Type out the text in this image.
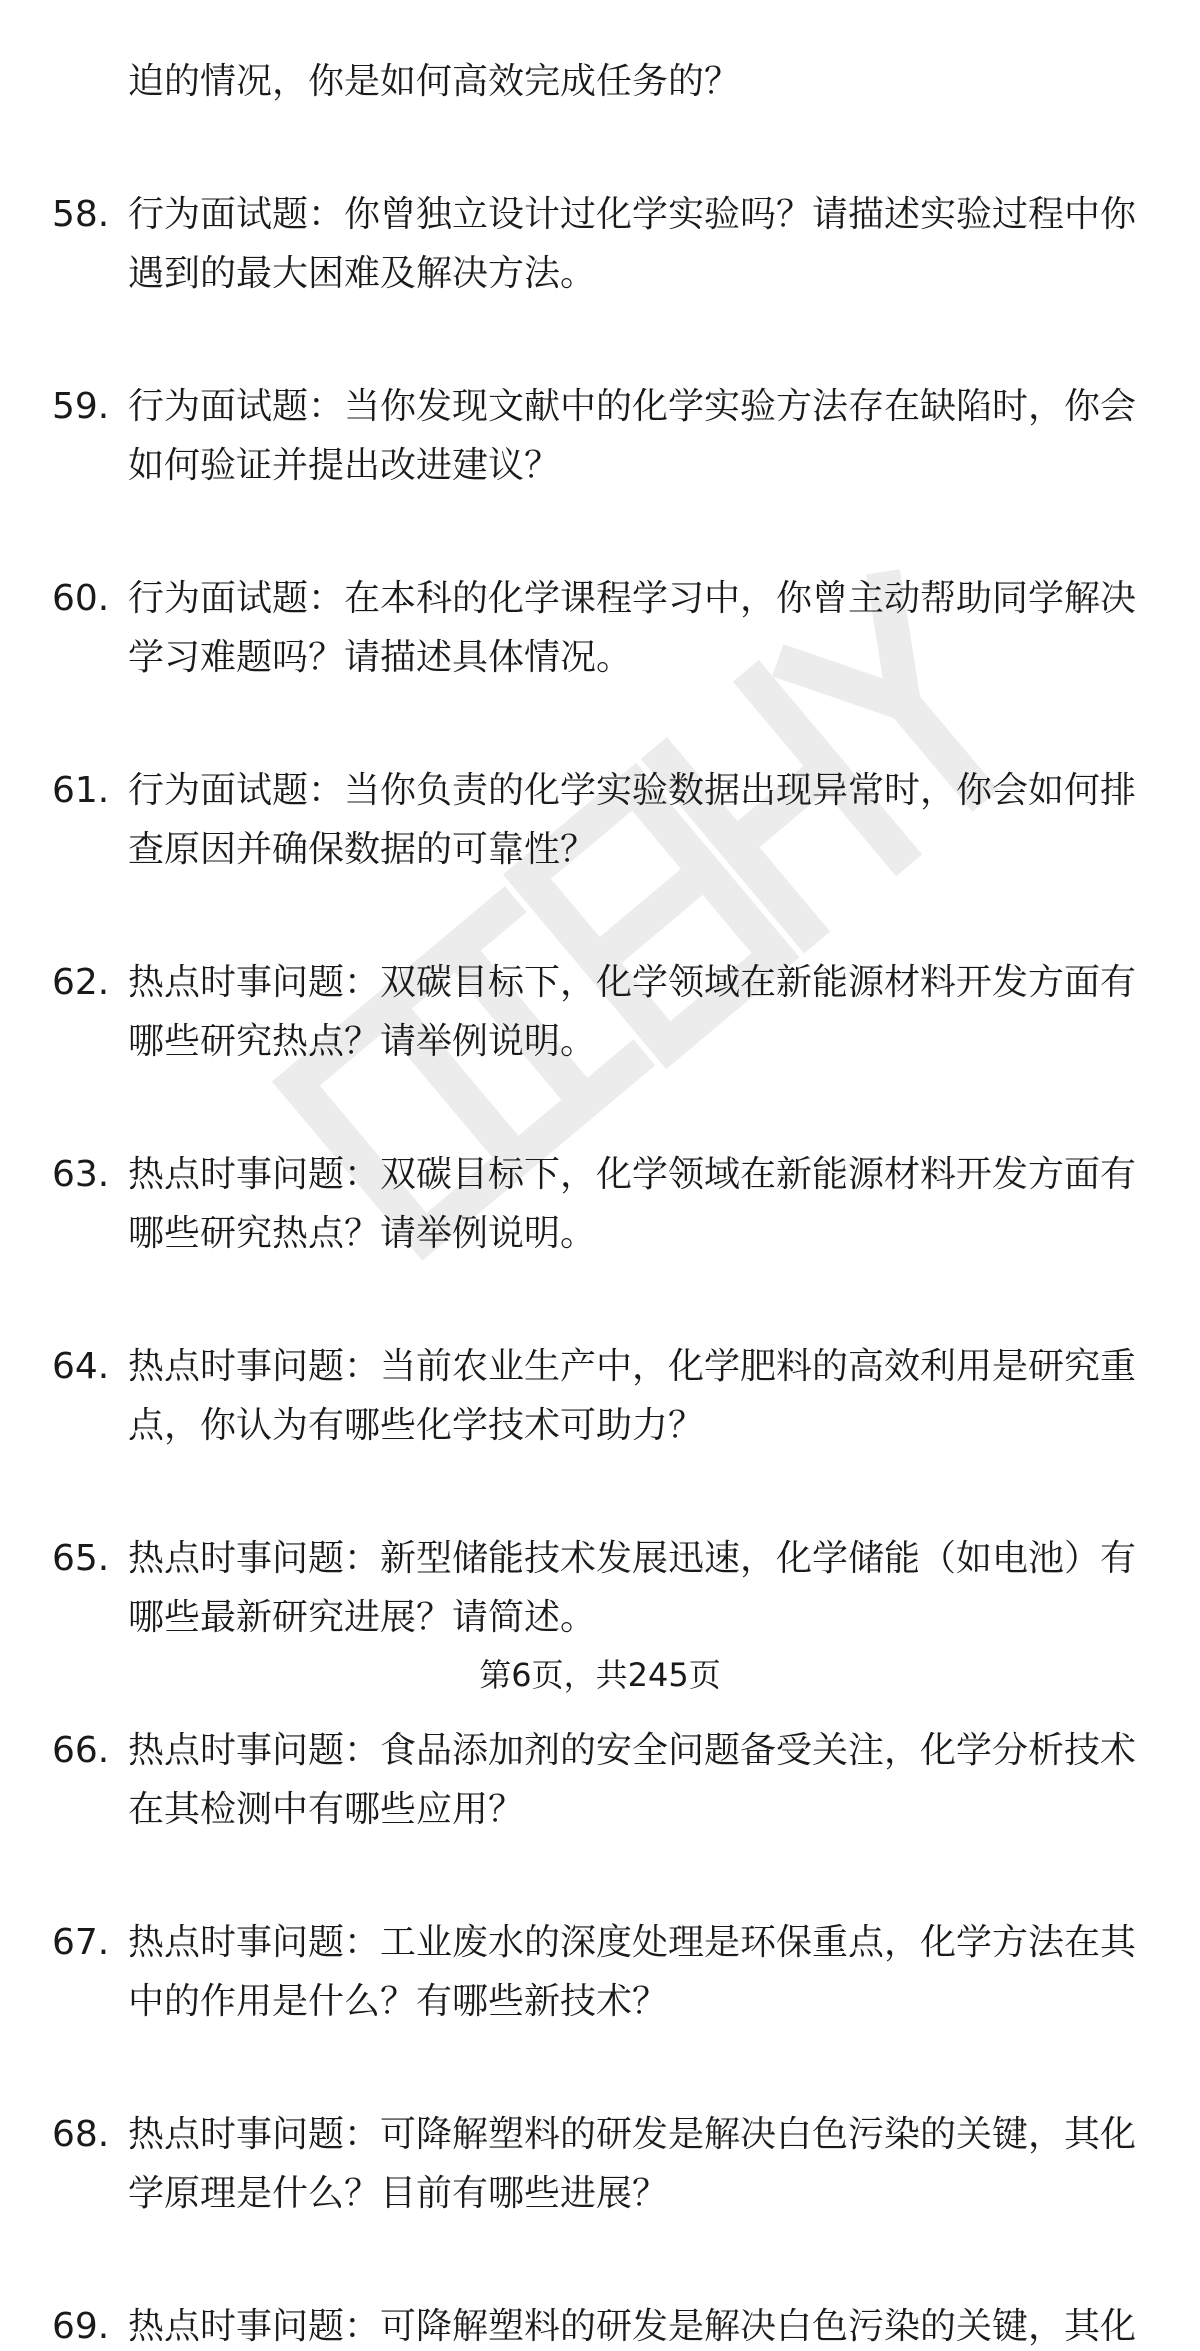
迫的情况，你是如何高效完成任务的？
58. 行为面试题：你曾独立设计过化学实验吗？请描述实验过程中你
遇到的最大困难及解决方法。
59. 行为面试题：当你发现文献中的化学实验方法存在缺陷时，你会
如何验证并提出改进建议？
60. 行为面试题：在本科的化学课程学习中，你曾主动帮助同学解决
学习难题吗？请描述具体情况。
61. 行为面试题：当你负责的化学实验数据出现异常时，你会如何排
查原因并确保数据的可靠性？
62. 热点时事问题：双碳目标下，化学领域在新能源材料开发方面有
哪些研究热点？请举例说明。
63. 热点时事问题：双碳目标下，化学领域在新能源材料开发方面有
哪些研究热点？请举例说明。
64. 热点时事问题：当前农业生产中，化学肥料的高效利用是研究重
点，你认为有哪些化学技术可助力？
65. 热点时事问题：新型储能技术发展迅速，化学储能（如电池）有
哪些最新研究进展？请简述。
66. 热点时事问题：食品添加剂的安全问题备受关注，化学分析技术
在其检测中有哪些应用？
67. 热点时事问题：工业废水的深度处理是环保重点，化学方法在其
中的作用是什么？有哪些新技术？
68. 热点时事问题：可降解塑料的研发是解决白色污染的关键，其化
学原理是什么？目前有哪些进展？
69. 热点时事问题：可降解塑料的研发是解决白色污染的关键，其化
第6页，共245页
